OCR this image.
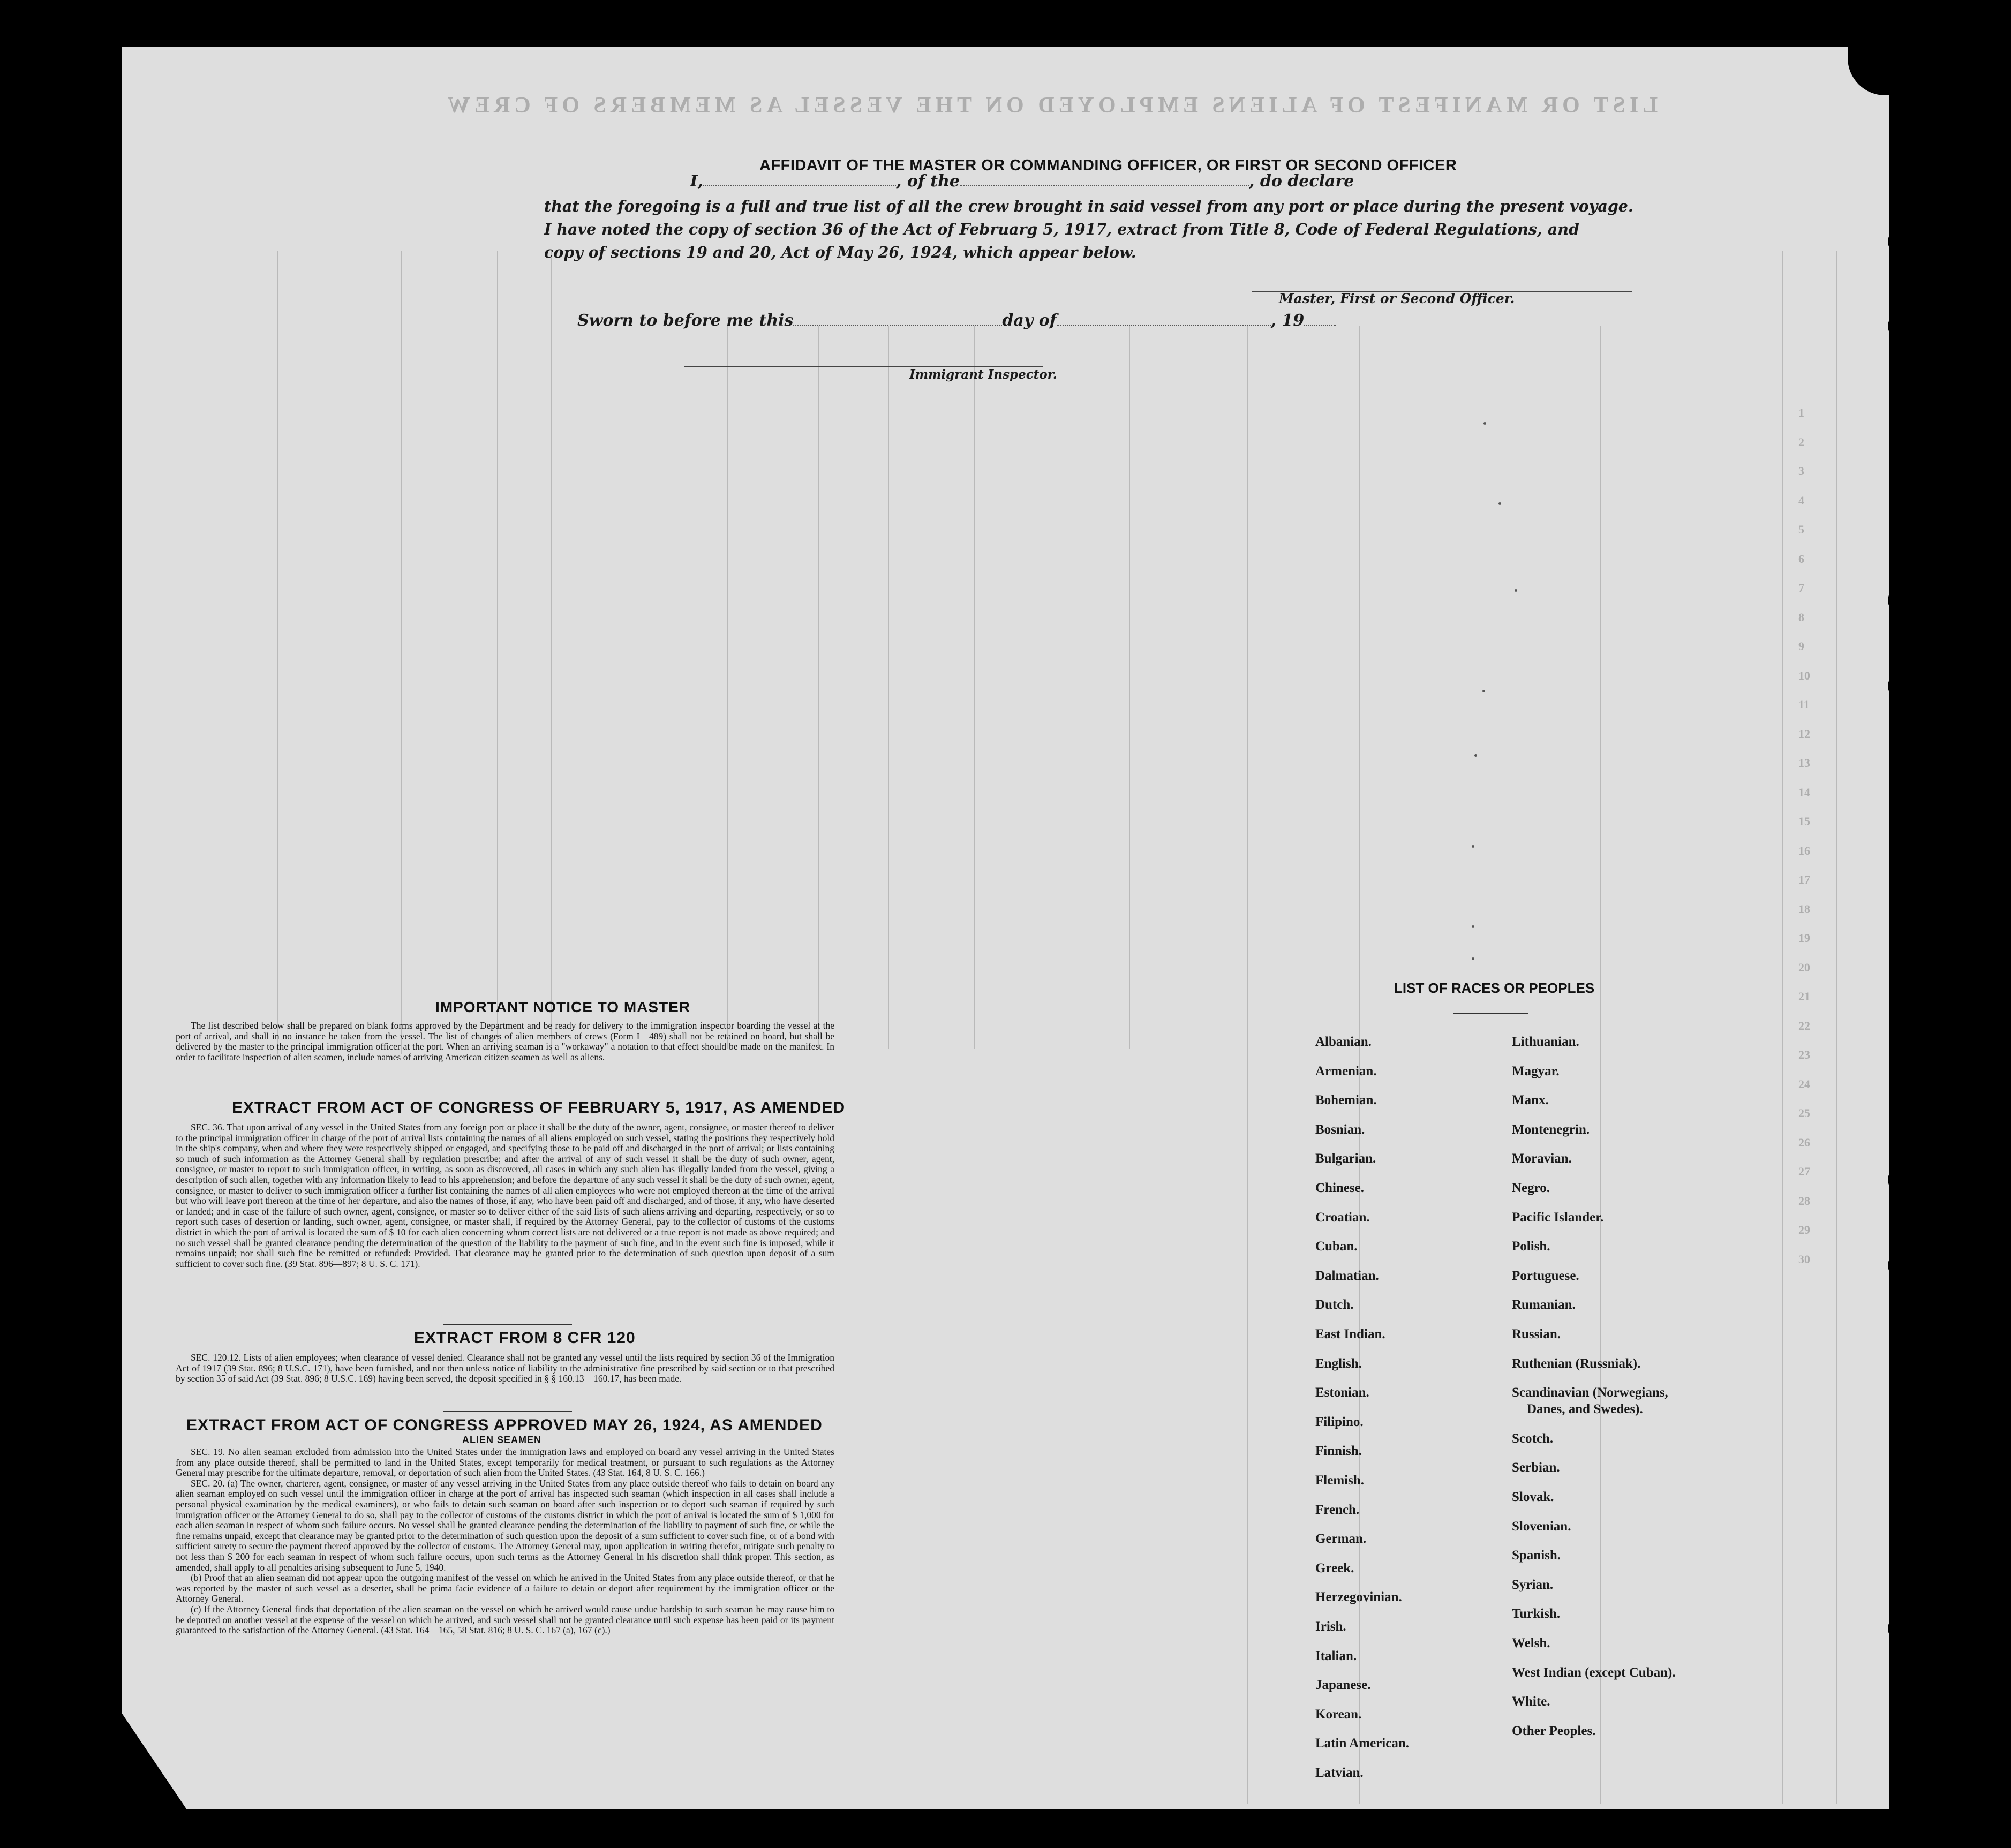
LIST OR MANIFEST OF ALIENS EMPLOYED ON THE VESSEL AS MEMBERS OF CREW
1
2
3
4
5
6
7
8
9
10
11
12
13
14
15
16
17
18
19
20
21
22
23
24
25
26
27
28
29
30
AFFIDAVIT OF THE MASTER OR COMMANDING OFFICER, OR FIRST OR SECOND OFFICER
I,	, of the	, do declare
that the foregoing is a full and true list of all the crew brought in said vessel from any port or place during the present voyage.
I have noted the copy of section 36 of the Act of Februarg 5, 1917, extract from Title 8, Code of Federal Regulations, and
copy of sections 19 and 20, Act of May 26, 1924, which appear below.
Master, First or Second Officer.
Sworn to before me this	day of	, 19
Immigrant Inspector.
IMPORTANT NOTICE TO MASTER

The list described below shall be prepared on blank forms approved by the Department and be ready for delivery to the immigration inspector boarding the vessel at the port of arrival, and shall in no instance be taken from the vessel. The list of changes of alien members of crews (Form I—489) shall not be retained on board, but shall be delivered by the master to the principal immigration officer at the port. When an arriving seaman is a "workaway" a notation to that effect should be made on the manifest. In order to facilitate inspection of alien seamen, include names of arriving American citizen seamen as well as aliens.

EXTRACT FROM ACT OF CONGRESS OF FEBRUARY 5, 1917, AS AMENDED

SEC. 36. That upon arrival of any vessel in the United States from any foreign port or place it shall be the duty of the owner, agent, consignee, or master thereof to deliver to the principal immigration officer in charge of the port of arrival lists containing the names of all aliens employed on such vessel, stating the positions they respectively hold in the ship's company, when and where they were respectively shipped or engaged, and specifying those to be paid off and discharged in the port of arrival; or lists containing so much of such information as the Attorney General shall by regulation prescribe; and after the arrival of any of such vessel it shall be the duty of such owner, agent, consignee, or master to report to such immigration officer, in writing, as soon as discovered, all cases in which any such alien has illegally landed from the vessel, giving a description of such alien, together with any information likely to lead to his apprehension; and before the departure of any such vessel it shall be the duty of such owner, agent, consignee, or master to deliver to such immigration officer a further list containing the names of all alien employees who were not employed thereon at the time of the arrival but who will leave port thereon at the time of her departure, and also the names of those, if any, who have been paid off and discharged, and of those, if any, who have deserted or landed; and in case of the failure of such owner, agent, consignee, or master so to deliver either of the said lists of such aliens arriving and departing, respectively, or so to report such cases of desertion or landing, such owner, agent, consignee, or master shall, if required by the Attorney General, pay to the collector of customs of the customs district in which the port of arrival is located the sum of $ 10 for each alien concerning whom correct lists are not delivered or a true report is not made as above required; and no such vessel shall be granted clearance pending the determination of the question of the liability to the payment of such fine, and in the event such fine is imposed, while it remains unpaid; nor shall such fine be remitted or refunded: Provided. That clearance may be granted prior to the determination of such question upon deposit of a sum sufficient to cover such fine. (39 Stat. 896—897; 8 U. S. C. 171).

EXTRACT FROM 8 CFR 120

SEC. 120.12. Lists of alien employees; when clearance of vessel denied. Clearance shall not be granted any vessel until the lists required by section 36 of the Immigration Act of 1917 (39 Stat. 896; 8 U.S.C. 171), have been furnished, and not then unless notice of liability to the administrative fine prescribed by said section or to that prescribed by section 35 of said Act (39 Stat. 896; 8 U.S.C. 169) having been served, the deposit specified in § § 160.13—160.17, has been made.

EXTRACT FROM ACT OF CONGRESS APPROVED MAY 26, 1924, AS AMENDED
ALIEN SEAMEN

SEC. 19. No alien seaman excluded from admission into the United States under the immigration laws and employed on board any vessel arriving in the United States from any place outside thereof, shall be permitted to land in the United States, except temporarily for medical treatment, or pursuant to such regulations as the Attorney General may prescribe for the ultimate departure, removal, or deportation of such alien from the United States. (43 Stat. 164, 8 U. S. C. 166.)

SEC. 20. (a) The owner, charterer, agent, consignee, or master of any vessel arriving in the United States from any place outside thereof who fails to detain on board any alien seaman employed on such vessel until the immigration officer in charge at the port of arrival has inspected such seaman (which inspection in all cases shall include a personal physical examination by the medical examiners), or who fails to detain such seaman on board after such inspection or to deport such seaman if required by such immigration officer or the Attorney General to do so, shall pay to the collector of customs of the customs district in which the port of arrival is located the sum of $ 1,000 for each alien seaman in respect of whom such failure occurs. No vessel shall be granted clearance pending the determination of the liability to payment of such fine, or while the fine remains unpaid, except that clearance may be granted prior to the determination of such question upon the deposit of a sum sufficient to cover such fine, or of a bond with sufficient surety to secure the payment thereof approved by the collector of customs. The Attorney General may, upon application in writing therefor, mitigate such penalty to not less than $ 200 for each seaman in respect of whom such failure occurs, upon such terms as the Attorney General in his discretion shall think proper. This section, as amended, shall apply to all penalties arising subsequent to June 5, 1940.

(b) Proof that an alien seaman did not appear upon the outgoing manifest of the vessel on which he arrived in the United States from any place outside thereof, or that he was reported by the master of such vessel as a deserter, shall be prima facie evidence of a failure to detain or deport after requirement by the immigration officer or the Attorney General.

(c) If the Attorney General finds that deportation of the alien seaman on the vessel on which he arrived would cause undue hardship to such seaman he may cause him to be deported on another vessel at the expense of the vessel on which he arrived, and such vessel shall not be granted clearance until such expense has been paid or its payment guaranteed to the satisfaction of the Attorney General. (43 Stat. 164—165, 58 Stat. 816; 8 U. S. C. 167 (a), 167 (c).)

LIST OF RACES OR PEOPLES
Albanian.
Armenian.
Bohemian.
Bosnian.
Bulgarian.
Chinese.
Croatian.
Cuban.
Dalmatian.
Dutch.
East Indian.
English.
Estonian.
Filipino.
Finnish.
Flemish.
French.
German.
Greek.
Herzegovinian.
Irish.
Italian.
Japanese.
Korean.
Latin American.
Latvian.
Lithuanian.
Magyar.
Manx.
Montenegrin.
Moravian.
Negro.
Pacific Islander.
Polish.
Portuguese.
Rumanian.
Russian.
Ruthenian (Russniak).
Scandinavian (Norwegians,
Danes, and Swedes).
Scotch.
Serbian.
Slovak.
Slovenian.
Spanish.
Syrian.
Turkish.
Welsh.
West Indian (except Cuban).
White.
Other Peoples.
